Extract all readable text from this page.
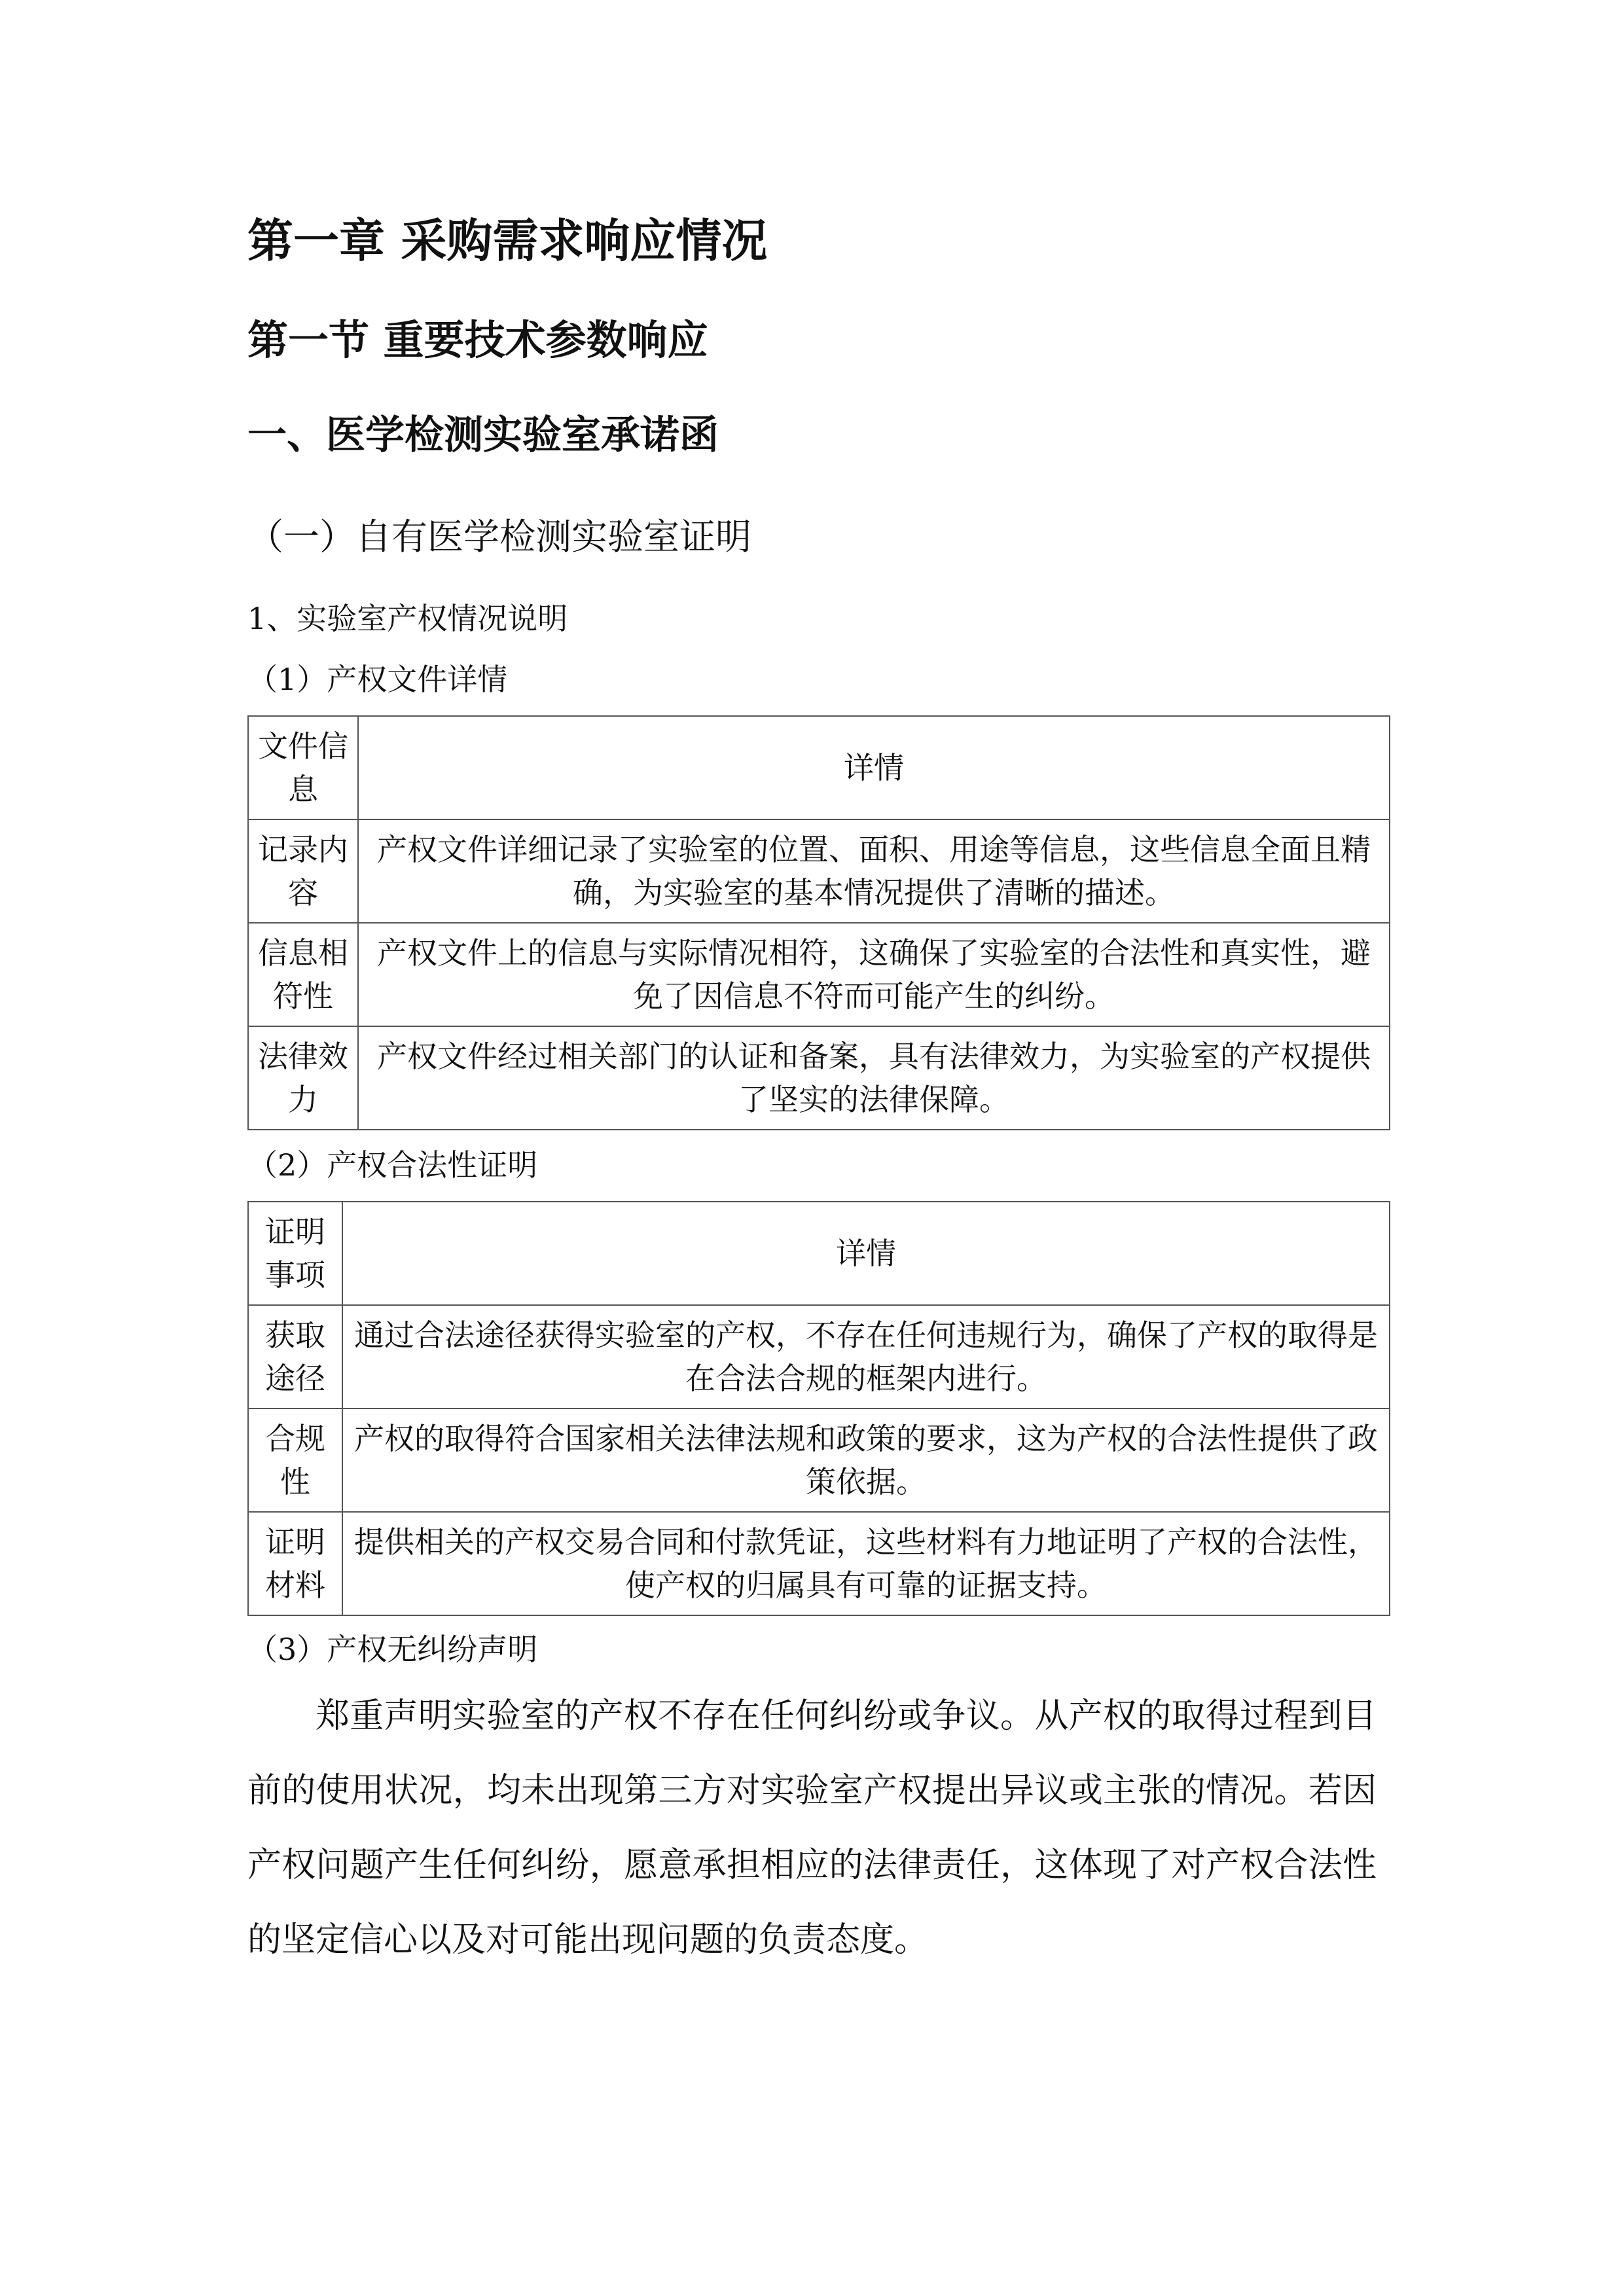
第一章 采购需求响应情况
第一节 重要技术参数响应
一、医学检测实验室承诺函
（一）自有医学检测实验室证明
1、实验室产权情况说明
（1）产权文件详情
文件信息	详情
记录内容	产权文件详细记录了实验室的位置、面积、用途等信息，这些信息全面且精确，为实验室的基本情况提供了清晰的描述。
信息相符性	产权文件上的信息与实际情况相符，这确保了实验室的合法性和真实性，避免了因信息不符而可能产生的纠纷。
法律效力	产权文件经过相关部门的认证和备案，具有法律效力，为实验室的产权提供了坚实的法律保障。
（2）产权合法性证明
证明事项	详情
获取途径	通过合法途径获得实验室的产权，不存在任何违规行为，确保了产权的取得是在合法合规的框架内进行。
合规性	产权的取得符合国家相关法律法规和政策的要求，这为产权的合法性提供了政策依据。
证明材料	提供相关的产权交易合同和付款凭证，这些材料有力地证明了产权的合法性，使产权的归属具有可靠的证据支持。
（3）产权无纠纷声明
郑重声明实验室的产权不存在任何纠纷或争议。从产权的取得过程到目前的使用状况，均未出现第三方对实验室产权提出异议或主张的情况。若因产权问题产生任何纠纷，愿意承担相应的法律责任，这体现了对产权合法性的坚定信心以及对可能出现问题的负责态度。
